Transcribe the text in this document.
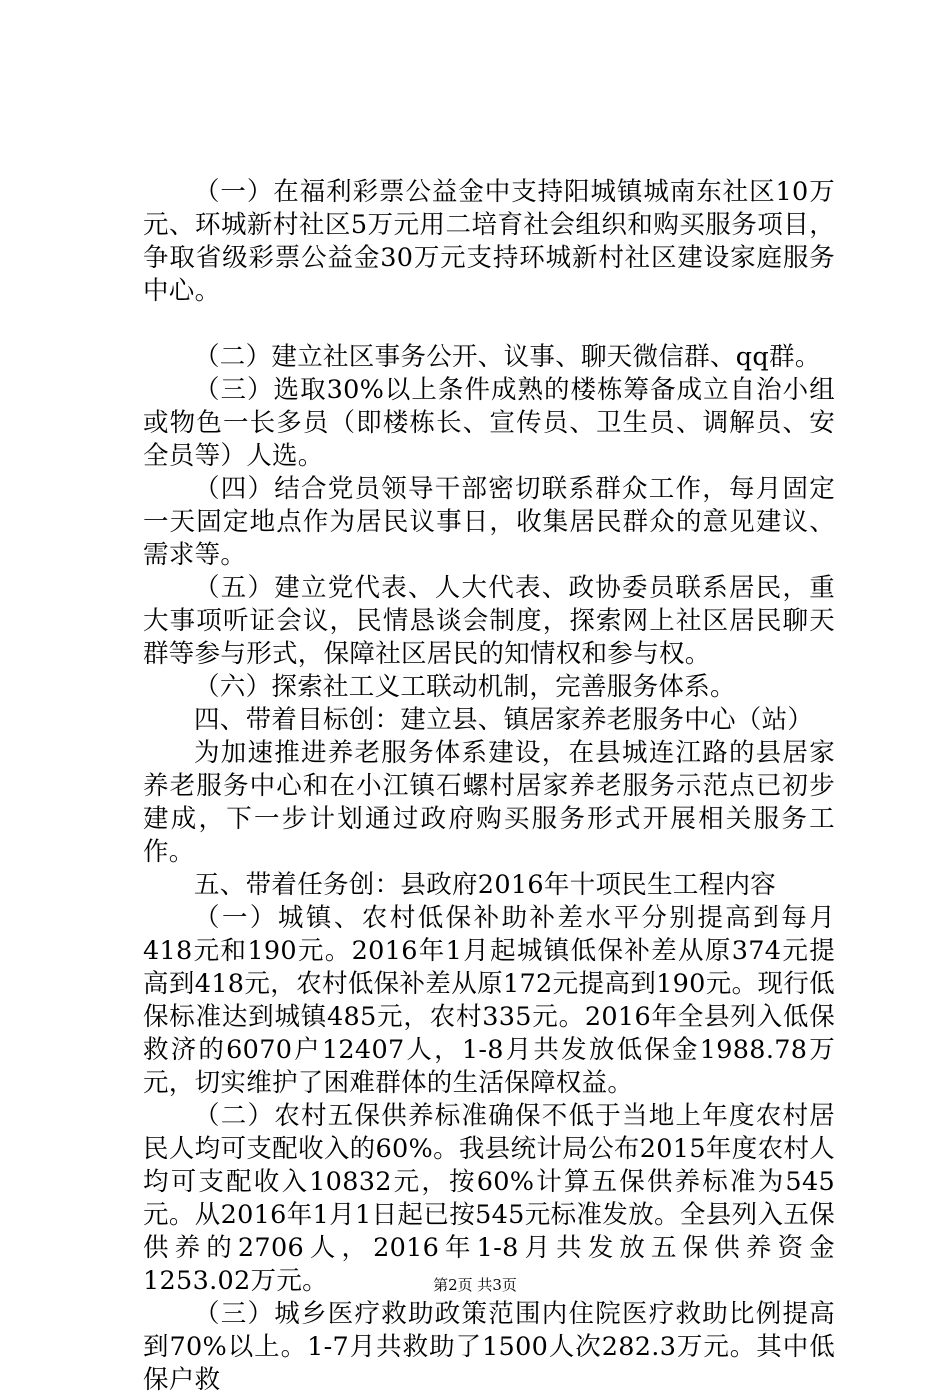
（一）在福利彩票公益金中支持阳城镇城南东社区10万元、环城新村社区5万元用二培育社会组织和购买服务项目，争取省级彩票公益金30万元支持环城新村社区建设家庭服务中心。

（二）建立社区事务公开、议事、聊天微信群、qq群。

（三）选取30%以上条件成熟的楼栋筹备成立自治小组或物色一长多员（即楼栋长、宣传员、卫生员、调解员、安全员等）人选。

（四）结合党员领导干部密切联系群众工作，每月固定一天固定地点作为居民议事日，收集居民群众的意见建议、需求等。

（五）建立党代表、人大代表、政协委员联系居民，重大事项听证会议，民情恳谈会制度，探索网上社区居民聊天群等参与形式，保障社区居民的知情权和参与权。

（六）探索社工义工联动机制，完善服务体系。

四、带着目标创：建立县、镇居家养老服务中心（站）

为加速推进养老服务体系建设，在县城连江路的县居家养老服务中心和在小江镇石螺村居家养老服务示范点已初步建成，下一步计划通过政府购买服务形式开展相关服务工作。

五、带着任务创：县政府2016年十项民生工程内容

（一）城镇、农村低保补助补差水平分别提高到每月418元和190元。2016年1月起城镇低保补差从原374元提高到418元，农村低保补差从原172元提高到190元。现行低保标准达到城镇485元，农村335元。2016年全县列入低保救济的6070户12407人，1-8月共发放低保金1988.78万元，切实维护了困难群体的生活保障权益。

（二）农村五保供养标准确保不低于当地上年度农村居民人均可支配收入的60%。我县统计局公布2015年度农村人均可支配收入10832元，按60%计算五保供养标准为545元。从2016年1月1日起已按545元标准发放。全县列入五保供养的2706人，2016年1-8月共发放五保供养资金1253.02万元。

（三）城乡医疗救助政策范围内住院医疗救助比例提高到70%以上。1-7月共救助了1500人次282.3万元。其中低保户救

第2页 共3页
